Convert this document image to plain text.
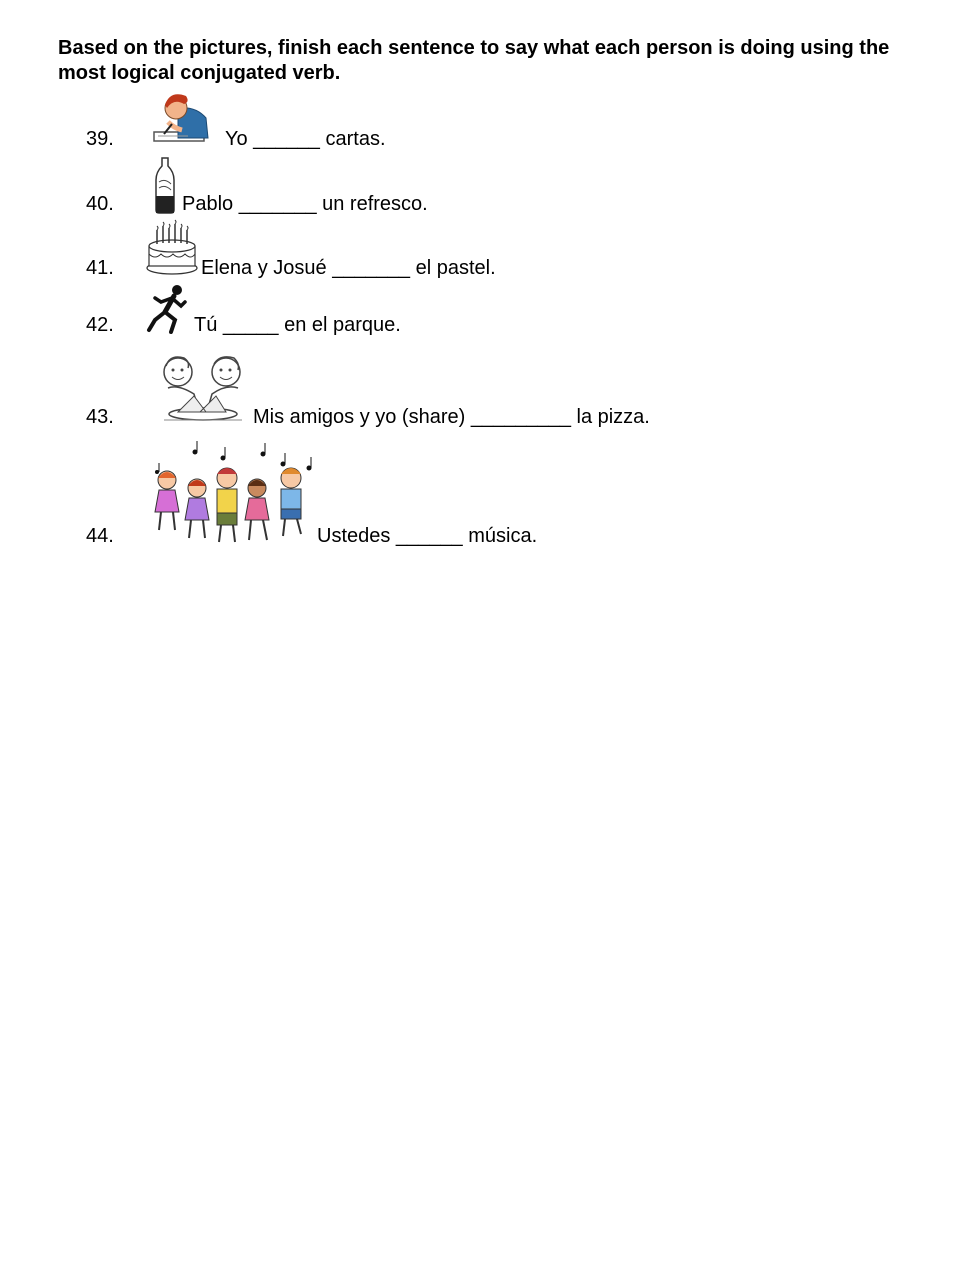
Based on the pictures, finish each sentence to say what each person is doing using the most logical conjugated verb.

39.	Yo ______ cartas.
40.	Pablo _______ un refresco.
41.	Elena y Josué _______ el pastel.
42.	Tú _____ en el parque.
43.	Mis amigos y yo (share) _________ la pizza.
44.	Ustedes ______ música.
